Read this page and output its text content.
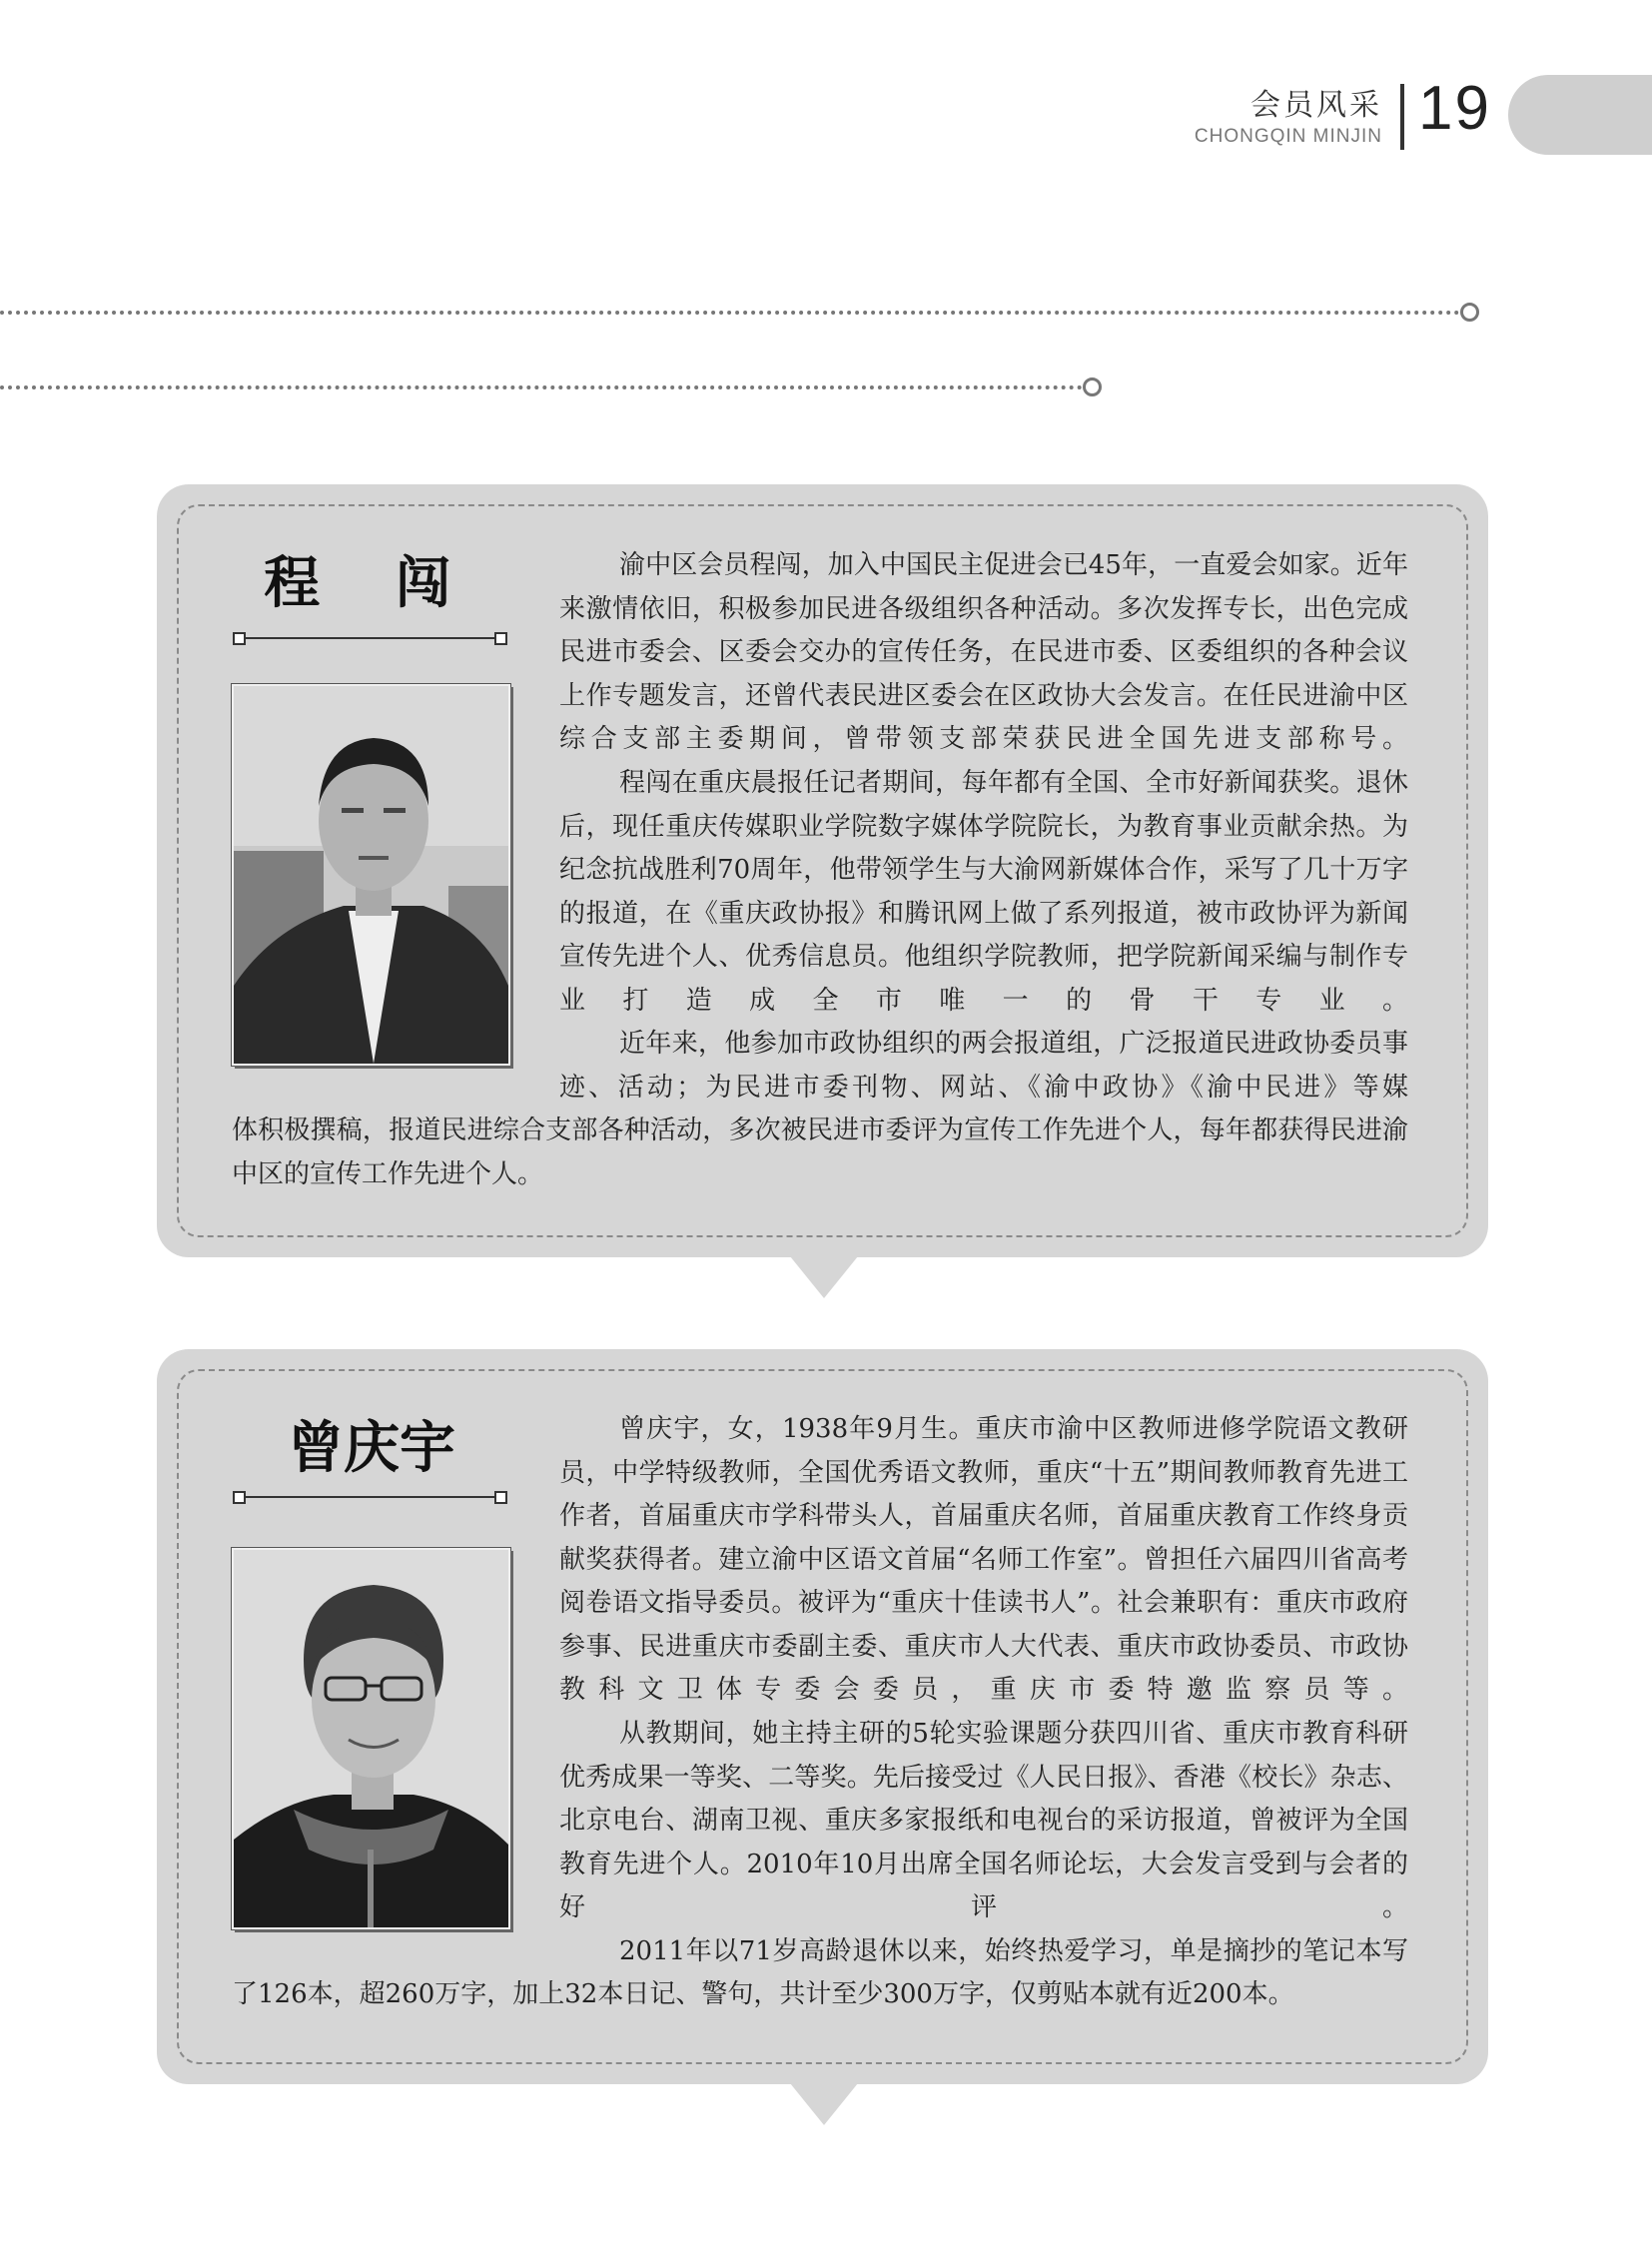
会员风采
CHONGQIN MINJIN 19
程 闯	渝中区会员程闯，加入中国民主促进会已45年，一直爱会如家。近年来激情依旧，积极参加民进各级组织各种活动。多次发挥专长，出色完成民进市委会、区委会交办的宣传任务，在民进市委、区委组织的各种会议上作专题发言，还曾代表民进区委会在区政协大会发言。在任民进渝中区综合支部主委期间，曾带领支部荣获民进全国先进支部称号。

程闯在重庆晨报任记者期间，每年都有全国、全市好新闻获奖。退休后，现任重庆传媒职业学院数字媒体学院院长，为教育事业贡献余热。为纪念抗战胜利70周年，他带领学生与大渝网新媒体合作，采写了几十万字的报道，在《重庆政协报》和腾讯网上做了系列报道，被市政协评为新闻宣传先进个人、优秀信息员。他组织学院教师，把学院新闻采编与制作专业打造成全市唯一的骨干专业。

近年来，他参加市政协组织的两会报道组，广泛报道民进政协委员事迹、活动；为民进市委刊物、网站、《渝中政协》《渝中民进》等媒

体积极撰稿，报道民进综合支部各种活动，多次被民进市委评为宣传工作先进个人，每年都获得民进渝中区的宣传工作先进个人。

曾庆宇	曾庆宇，女，1938年9月生。重庆市渝中区教师进修学院语文教研员，中学特级教师，全国优秀语文教师，重庆“十五”期间教师教育先进工作者，首届重庆市学科带头人，首届重庆名师，首届重庆教育工作终身贡献奖获得者。建立渝中区语文首届“名师工作室”。曾担任六届四川省高考阅卷语文指导委员。被评为“重庆十佳读书人”。社会兼职有：重庆市政府参事、民进重庆市委副主委、重庆市人大代表、重庆市政协委员、市政协教科文卫体专委会委员，重庆市委特邀监察员等。

从教期间，她主持主研的5轮实验课题分获四川省、重庆市教育科研优秀成果一等奖、二等奖。先后接受过《人民日报》、香港《校长》杂志、北京电台、湖南卫视、重庆多家报纸和电视台的采访报道，曾被评为全国教育先进个人。2010年10月出席全国名师论坛，大会发言受到与会者的好评。

2011年以71岁高龄退休以来，始终热爱学习，单是摘抄的笔记本写

了126本，超260万字，加上32本日记、警句，共计至少300万字，仅剪贴本就有近200本。
